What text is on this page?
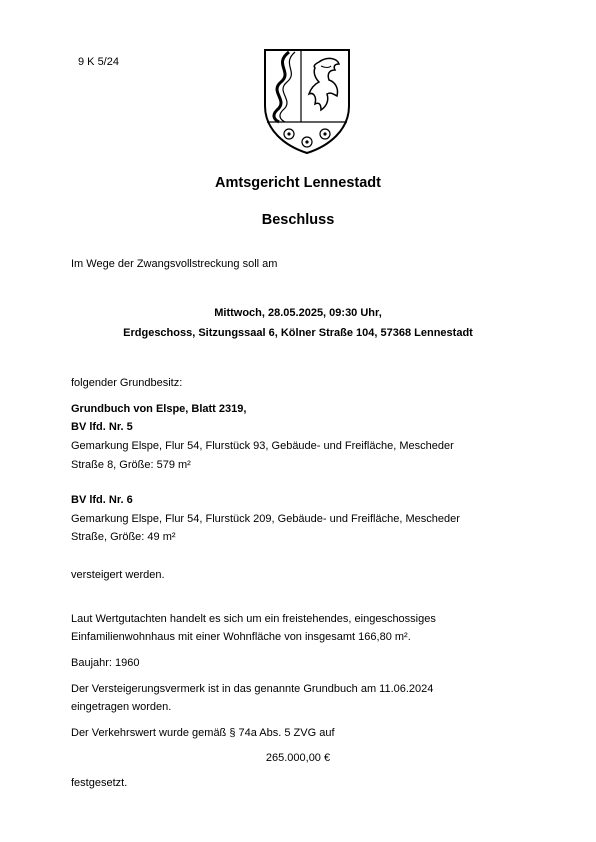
9 K 5/24
Amtsgericht Lennestadt
Beschluss
Im Wege der Zwangsvollstreckung soll am
Mittwoch, 28.05.2025, 09:30 Uhr,
Erdgeschoss, Sitzungssaal 6, Kölner Straße 104, 57368 Lennestadt
folgender Grundbesitz:
Grundbuch von Elspe, Blatt 2319,
BV lfd. Nr. 5
Gemarkung Elspe, Flur 54, Flurstück 93, Gebäude- und Freifläche, Mescheder
Straße 8, Größe: 579 m²
BV lfd. Nr. 6
Gemarkung Elspe, Flur 54, Flurstück 209, Gebäude- und Freifläche, Mescheder
Straße, Größe: 49 m²
versteigert werden.
Laut Wertgutachten handelt es sich um ein freistehendes, eingeschossiges
Einfamilienwohnhaus mit einer Wohnfläche von insgesamt 166,80 m².
Baujahr: 1960
Der Versteigerungsvermerk ist in das genannte Grundbuch am 11.06.2024
eingetragen worden.
Der Verkehrswert wurde gemäß § 74a Abs. 5 ZVG auf
265.000,00 €
festgesetzt.
